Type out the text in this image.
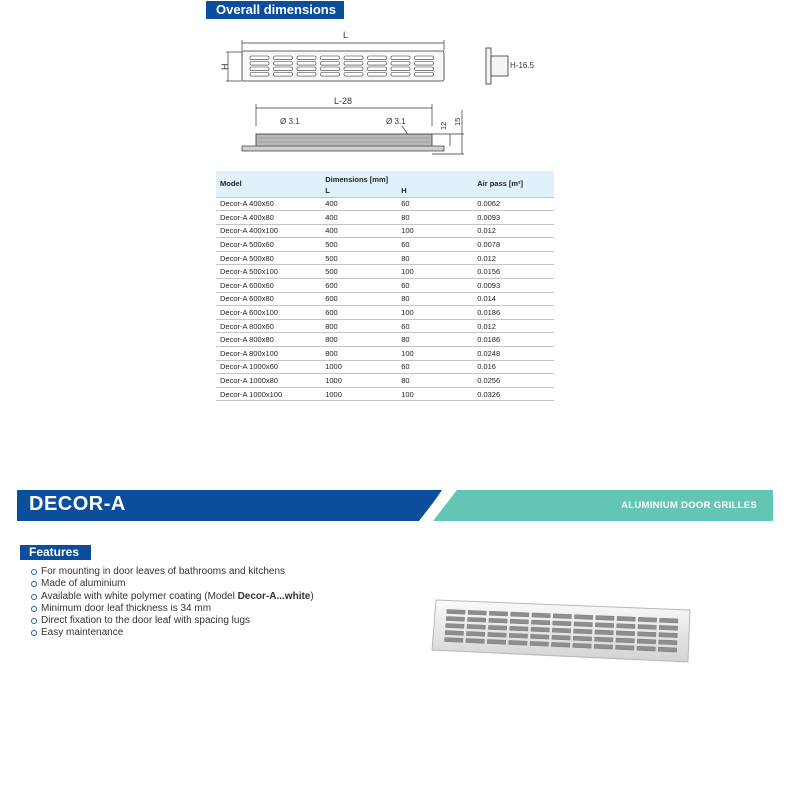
Overall dimensions
L
H	H-16.5
L-28
Ø 3.1	Ø 3.1	12 15
Model	Dimensions [mm]		Air pass [m²]
	L	H	
Decor-A 400x60	400	60	0.0062
Decor-A 400x80	400	80	0.0093
Decor-A 400x100	400	100	0.012
Decor-A 500x60	500	60	0.0078
Decor-A 500x80	500	80	0.012
Decor-A 500x100	500	100	0.0156
Decor-A 600x60	600	60	0.0093
Decor-A 600x80	600	80	0.014
Decor-A 600x100	600	100	0.0186
Decor-A 800x60	800	60	0.012
Decor-A 800x80	800	80	0.0186
Decor-A 800x100	800	100	0.0248
Decor-A 1000x60	1000	60	0.016
Decor-A 1000x80	1000	80	0.0256
Decor-A 1000x100	1000	100	0.0326
DECOR-A	ALUMINIUM DOOR GRILLES
Features
For mounting in door leaves of bathrooms and kitchens
Made of aluminium
Available with white polymer coating (Model Decor-A...white)
Minimum door leaf thickness is 34 mm
Direct fixation to the door leaf with spacing lugs
Easy maintenance
